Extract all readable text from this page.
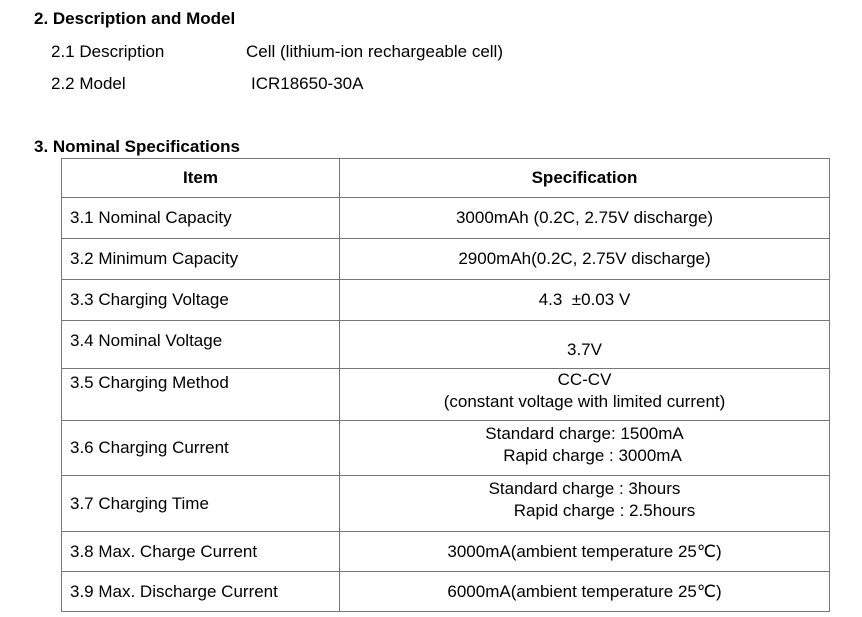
2. Description and Model
2.1 Description	Cell (lithium-ion rechargeable cell)
2.2 Model	ICR18650-30A
3. Nominal Specifications
Item	Specification
3.1 Nominal Capacity	3000mAh (0.2C, 2.75V discharge)

3.2 Minimum Capacity	2900mAh(0.2C, 2.75V discharge)

3.3 Charging Voltage	4.3  ±0.03 V

3.4 Nominal Voltage	3.7V

3.5 Charging Method	CC-CV
(constant voltage with limited current)

3.6 Charging Current	Standard charge: 1500mA
Rapid charge : 3000mA

3.7 Charging Time	Standard charge : 3hours
Rapid charge : 2.5hours

3.8 Max. Charge Current	3000mA(ambient temperature 25℃)

3.9 Max. Discharge Current	6000mA(ambient temperature 25℃)
